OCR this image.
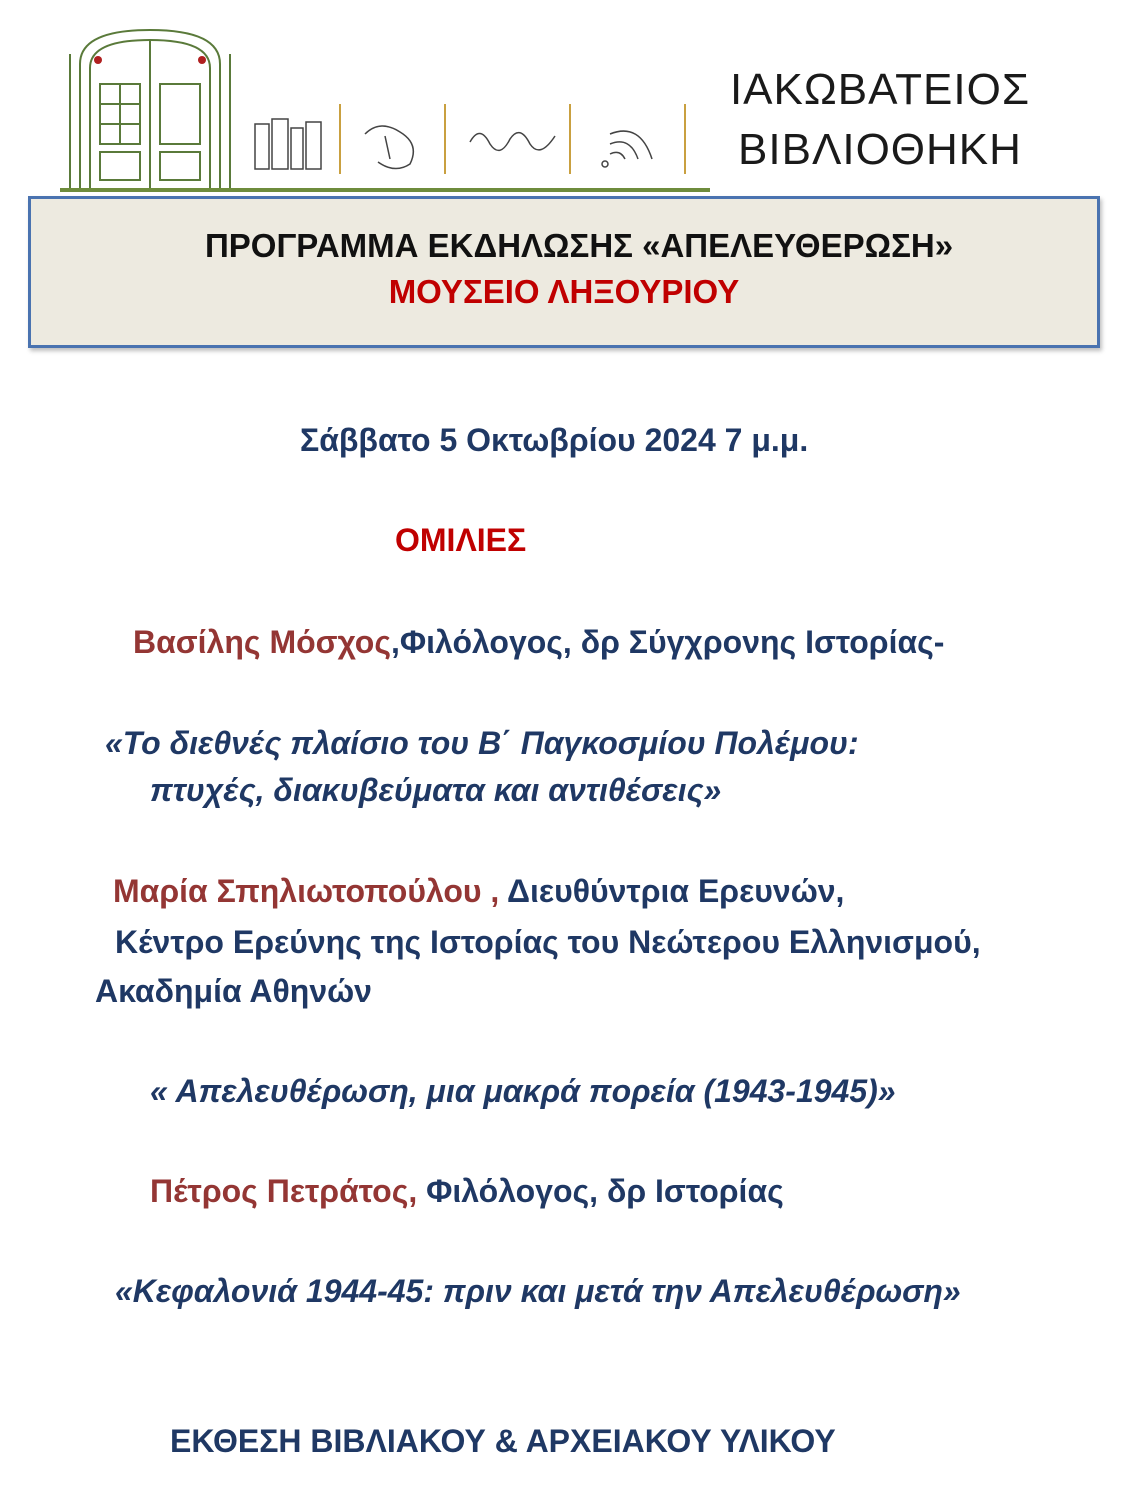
ΙΑΚΩΒΑΤΕΙΟΣ
ΒΙΒΛΙΟΘΗΚΗ
ΠΡΟΓΡΑΜΜΑ ΕΚΔΗΛΩΣΗΣ «ΑΠΕΛΕΥΘΕΡΩΣΗ»
ΜΟΥΣΕΙΟ ΛΗΞΟΥΡΙΟΥ
Σάββατο 5 Οκτωβρίου 2024 7 μ.μ.
ΟΜΙΛΙΕΣ
Βασίλης Μόσχος,Φιλόλογος, δρ Σύγχρονης Ιστορίας-
«Το διεθνές πλαίσιο του Β΄ Παγκοσμίου Πολέμου:
πτυχές, διακυβεύματα και αντιθέσεις»
Μαρία Σπηλιωτοπούλου , Διευθύντρια Ερευνών,
Κέντρο Ερεύνης της Ιστορίας του Νεώτερου Ελληνισμού,
Ακαδημία Αθηνών
« Απελευθέρωση, μια μακρά πορεία (1943-1945)»
Πέτρος Πετράτος, Φιλόλογος, δρ Ιστορίας
«Κεφαλονιά 1944-45: πριν και μετά την Απελευθέρωση»
ΕΚΘΕΣΗ ΒΙΒΛΙΑΚΟΥ & ΑΡΧΕΙΑΚΟΥ ΥΛΙΚΟΥ
